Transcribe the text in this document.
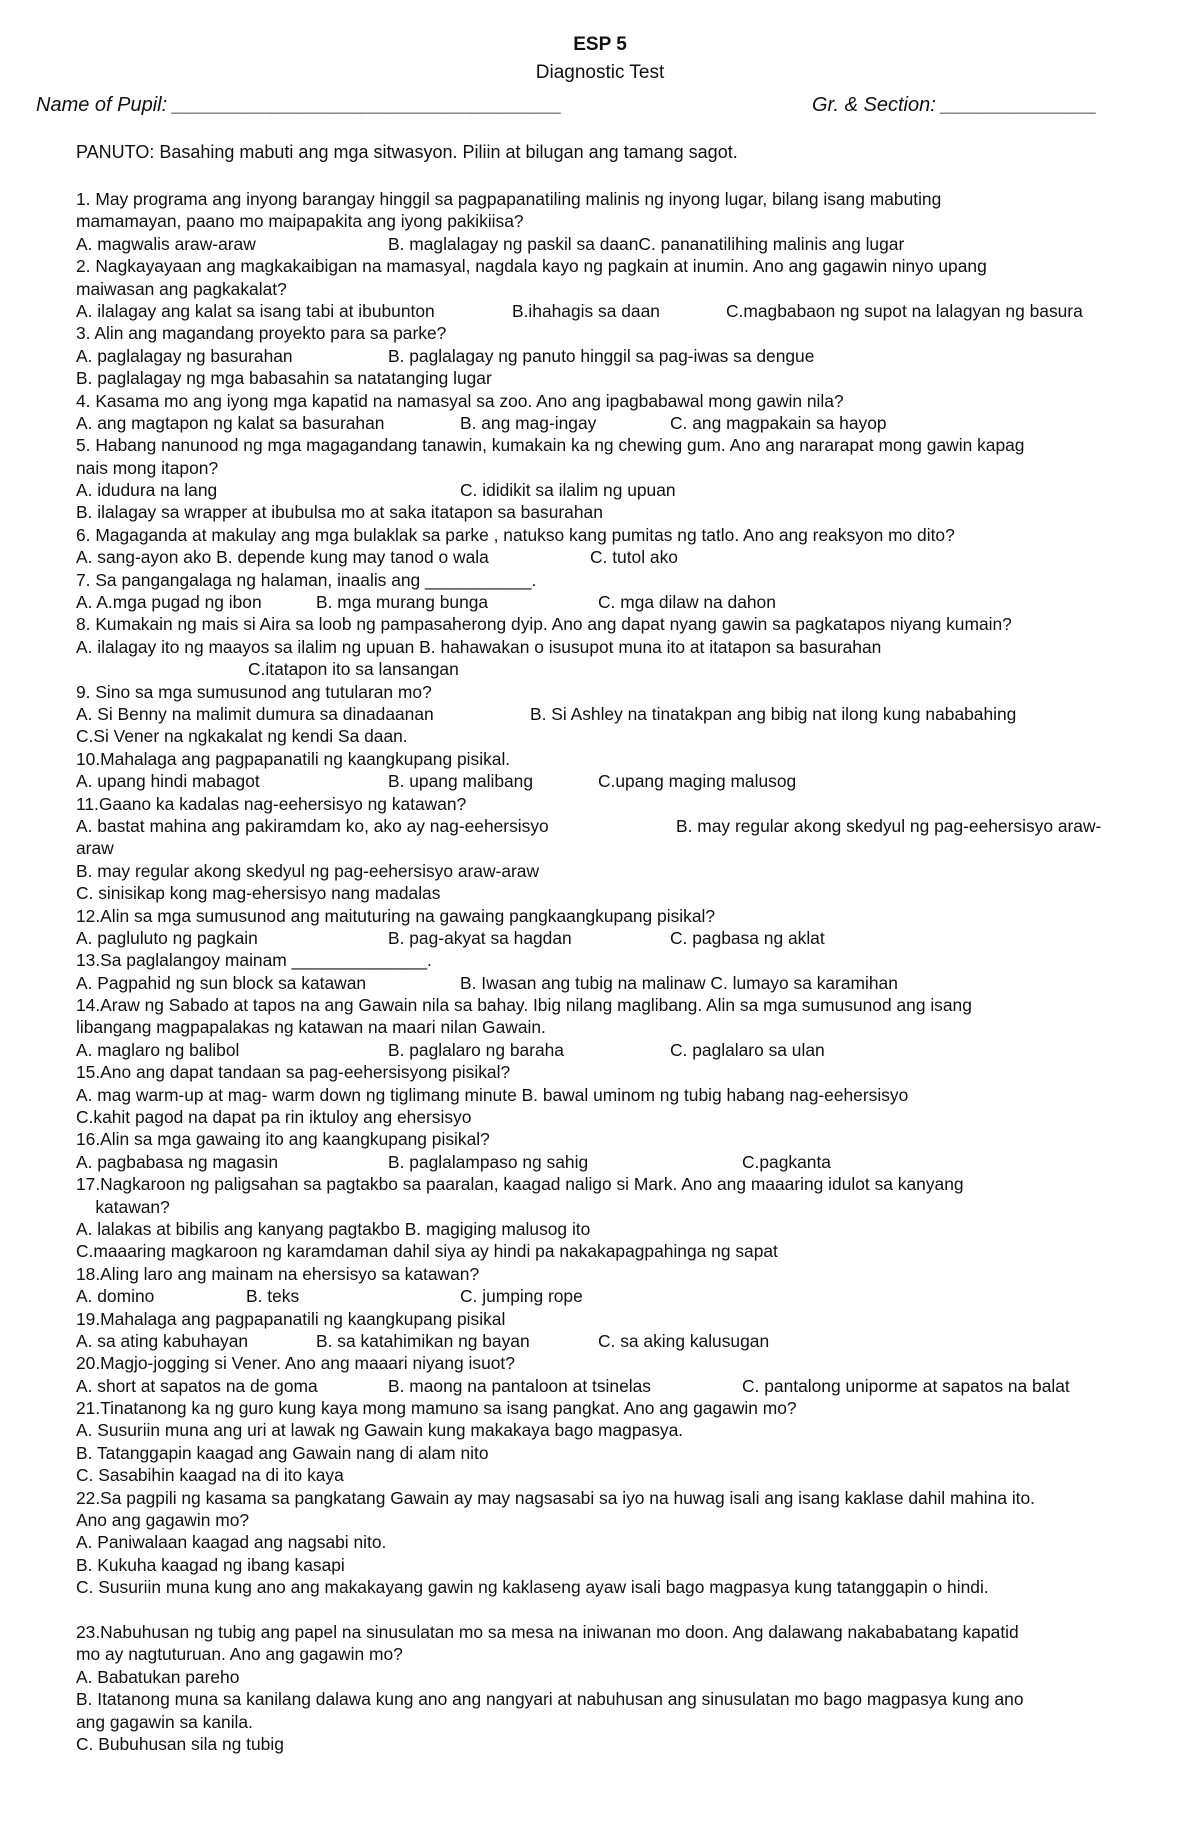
ESP 5
Diagnostic Test
Name of Pupil: ___________________________________	Gr. & Section: ______________
PANUTO: Basahing mabuti ang mga sitwasyon. Piliin at bilugan ang tamang sagot.
1. May programa ang inyong barangay hinggil sa pagpapanatiling malinis ng inyong lugar, bilang isang mabuting
mamamayan, paano mo maipapakita ang iyong pakikiisa?
A. magwalis araw-araw	B. maglalagay ng paskil sa daanC. pananatilihing malinis ang lugar
2. Nagkayayaan ang magkakaibigan na mamasyal, nagdala kayo ng pagkain at inumin. Ano ang gagawin ninyo upang
maiwasan ang pagkakalat?
A. ilalagay ang kalat sa isang tabi at ibubunton	B.ihahagis sa daan	C.magbabaon ng supot na lalagyan ng basura
3. Alin ang magandang proyekto para sa parke?
A. paglalagay ng basurahan	B. paglalagay ng panuto hinggil sa pag-iwas sa dengue
B. paglalagay ng mga babasahin sa natatanging lugar
4. Kasama mo ang iyong mga kapatid na namasyal sa zoo. Ano ang ipagbabawal mong gawin nila?
A. ang magtapon ng kalat sa basurahan	B. ang mag-ingay	C. ang magpakain sa hayop
5. Habang nanunood ng mga magagandang tanawin, kumakain ka ng chewing gum. Ano ang nararapat mong gawin kapag
nais mong itapon?
A. idudura na lang	C. ididikit sa ilalim ng upuan
B. ilalagay sa wrapper at ibubulsa mo at saka itatapon sa basurahan
6. Magaganda at makulay ang mga bulaklak sa parke , natukso kang pumitas ng tatlo. Ano ang reaksyon mo dito?
A. sang-ayon ako B. depende kung may tanod o wala	C. tutol ako
7. Sa pangangalaga ng halaman, inaalis ang ___________.
A. A.mga pugad ng ibon	B. mga murang bunga	C. mga dilaw na dahon
8. Kumakain ng mais si Aira sa loob ng pampasaherong dyip. Ano ang dapat nyang gawin sa pagkatapos niyang kumain?
A. ilalagay ito ng maayos sa ilalim ng upuan B. hahawakan o isusupot muna ito at itatapon sa basurahan
C.itatapon ito sa lansangan
9. Sino sa mga sumusunod ang tutularan mo?
A. Si Benny na malimit dumura sa dinadaanan	B. Si Ashley na tinatakpan ang bibig nat ilong kung nababahing
C.Si Vener na ngkakalat ng kendi Sa daan.
10.Mahalaga ang pagpapanatili ng kaangkupang pisikal.
A. upang hindi mabagot	B. upang malibang	C.upang maging malusog
11.Gaano ka kadalas nag-eehersisyo ng katawan?
A. bastat mahina ang pakiramdam ko, ako ay nag-eehersisyo	B. may regular akong skedyul ng pag-eehersisyo araw-
araw
B. may regular akong skedyul ng pag-eehersisyo araw-araw
C. sinisikap kong mag-ehersisyo nang madalas
12.Alin sa mga sumusunod ang maituturing na gawaing pangkaangkupang pisikal?
A. pagluluto ng pagkain	B. pag-akyat sa hagdan	C. pagbasa ng aklat
13.Sa paglalangoy mainam ______________.
A. Pagpahid ng sun block sa katawan	B. Iwasan ang tubig na malinaw C. lumayo sa karamihan
14.Araw ng Sabado at tapos na ang Gawain nila sa bahay. Ibig nilang maglibang. Alin sa mga sumusunod ang isang
libangang magpapalakas ng katawan na maari nilan Gawain.
A. maglaro ng balibol	B. paglalaro ng baraha	C. paglalaro sa ulan
15.Ano ang dapat tandaan sa pag-eehersisyong pisikal?
A. mag warm-up at mag- warm down ng tiglimang minute B. bawal uminom ng tubig habang nag-eehersisyo
C.kahit pagod na dapat pa rin iktuloy ang ehersisyo
16.Alin sa mga gawaing ito ang kaangkupang pisikal?
A. pagbabasa ng magasin	B. paglalampaso ng sahig	C.pagkanta
17.Nagkaroon ng paligsahan sa pagtakbo sa paaralan, kaagad naligo si Mark. Ano ang maaaring idulot sa kanyang
katawan?
A. lalakas at bibilis ang kanyang pagtakbo B. magiging malusog ito
C.maaaring magkaroon ng karamdaman dahil siya ay hindi pa nakakapagpahinga ng sapat
18.Aling laro ang mainam na ehersisyo sa katawan?
A. domino	B. teks	C. jumping rope
19.Mahalaga ang pagpapanatili ng kaangkupang pisikal
A. sa ating kabuhayan	B. sa katahimikan ng bayan	C. sa aking kalusugan
20.Magjo-jogging si Vener. Ano ang maaari niyang isuot?
A. short at sapatos na de goma	B. maong na pantaloon at tsinelas	C. pantalong uniporme at sapatos na balat
21.Tinatanong ka ng guro kung kaya mong mamuno sa isang pangkat. Ano ang gagawin mo?
A. Susuriin muna ang uri at lawak ng Gawain kung makakaya bago magpasya.
B. Tatanggapin kaagad ang Gawain nang di alam nito
C. Sasabihin kaagad na di ito kaya
22.Sa pagpili ng kasama sa pangkatang Gawain ay may nagsasabi sa iyo na huwag isali ang isang kaklase dahil mahina ito.
Ano ang gagawin mo?
A. Paniwalaan kaagad ang nagsabi nito.
B. Kukuha kaagad ng ibang kasapi
C. Susuriin muna kung ano ang makakayang gawin ng kaklaseng ayaw isali bago magpasya kung tatanggapin o hindi.
23.Nabuhusan ng tubig ang papel na sinusulatan mo sa mesa na iniwanan mo doon. Ang dalawang nakababatang kapatid
mo ay nagtuturuan. Ano ang gagawin mo?
A. Babatukan pareho
B. Itatanong muna sa kanilang dalawa kung ano ang nangyari at nabuhusan ang sinusulatan mo bago magpasya kung ano
ang gagawin sa kanila.
C. Bubuhusan sila ng tubig
